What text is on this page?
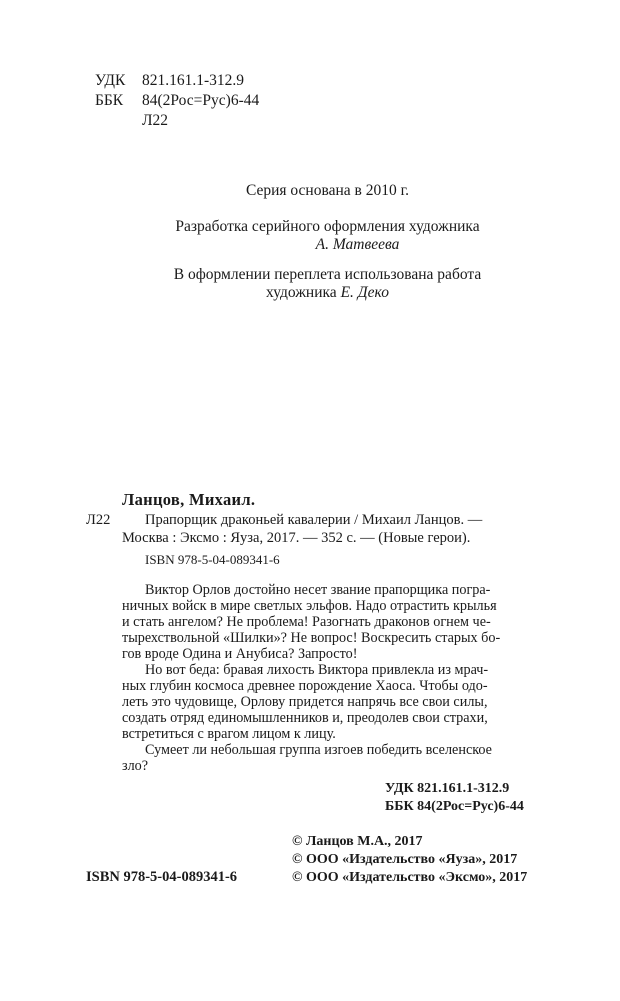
УДК 821.161.1-312.9
ББК 84(2Рос=Рус)6-44
Л22
Серия основана в 2010 г.
Разработка серийного оформления художника
А. Матвеева
В оформлении переплета использована работа
художника Е. Деко
Ланцов, Михаил.
Л22 Прапорщик драконьей кавалерии / Михаил Ланцов. —
Москва : Эксмо : Яуза, 2017. — 352 с. — (Новые герои).
ISBN 978-5-04-089341-6
Виктор Орлов достойно несет звание прапорщика погра-
ничных войск в мире светлых эльфов. Надо отрастить крылья
и стать ангелом? Не проблема! Разогнать драконов огнем че-
тырехствольной «Шилки»? Не вопрос! Воскресить старых бо-
гов вроде Одина и Анубиса? Запросто!
Но вот беда: бравая лихость Виктора привлекла из мрач-
ных глубин космоса древнее порождение Хаоса. Чтобы одо-
леть это чудовище, Орлову придется напрячь все свои силы,
создать отряд единомышленников и, преодолев свои страхи,
встретиться с врагом лицом к лицу.
Сумеет ли небольшая группа изгоев победить вселенское
зло?
УДК 821.161.1-312.9
ББК 84(2Рос=Рус)6-44
© Ланцов М.А., 2017
© ООО «Издательство «Яуза», 2017
ISBN 978-5-04-089341-6	© ООО «Издательство «Эксмо», 2017
